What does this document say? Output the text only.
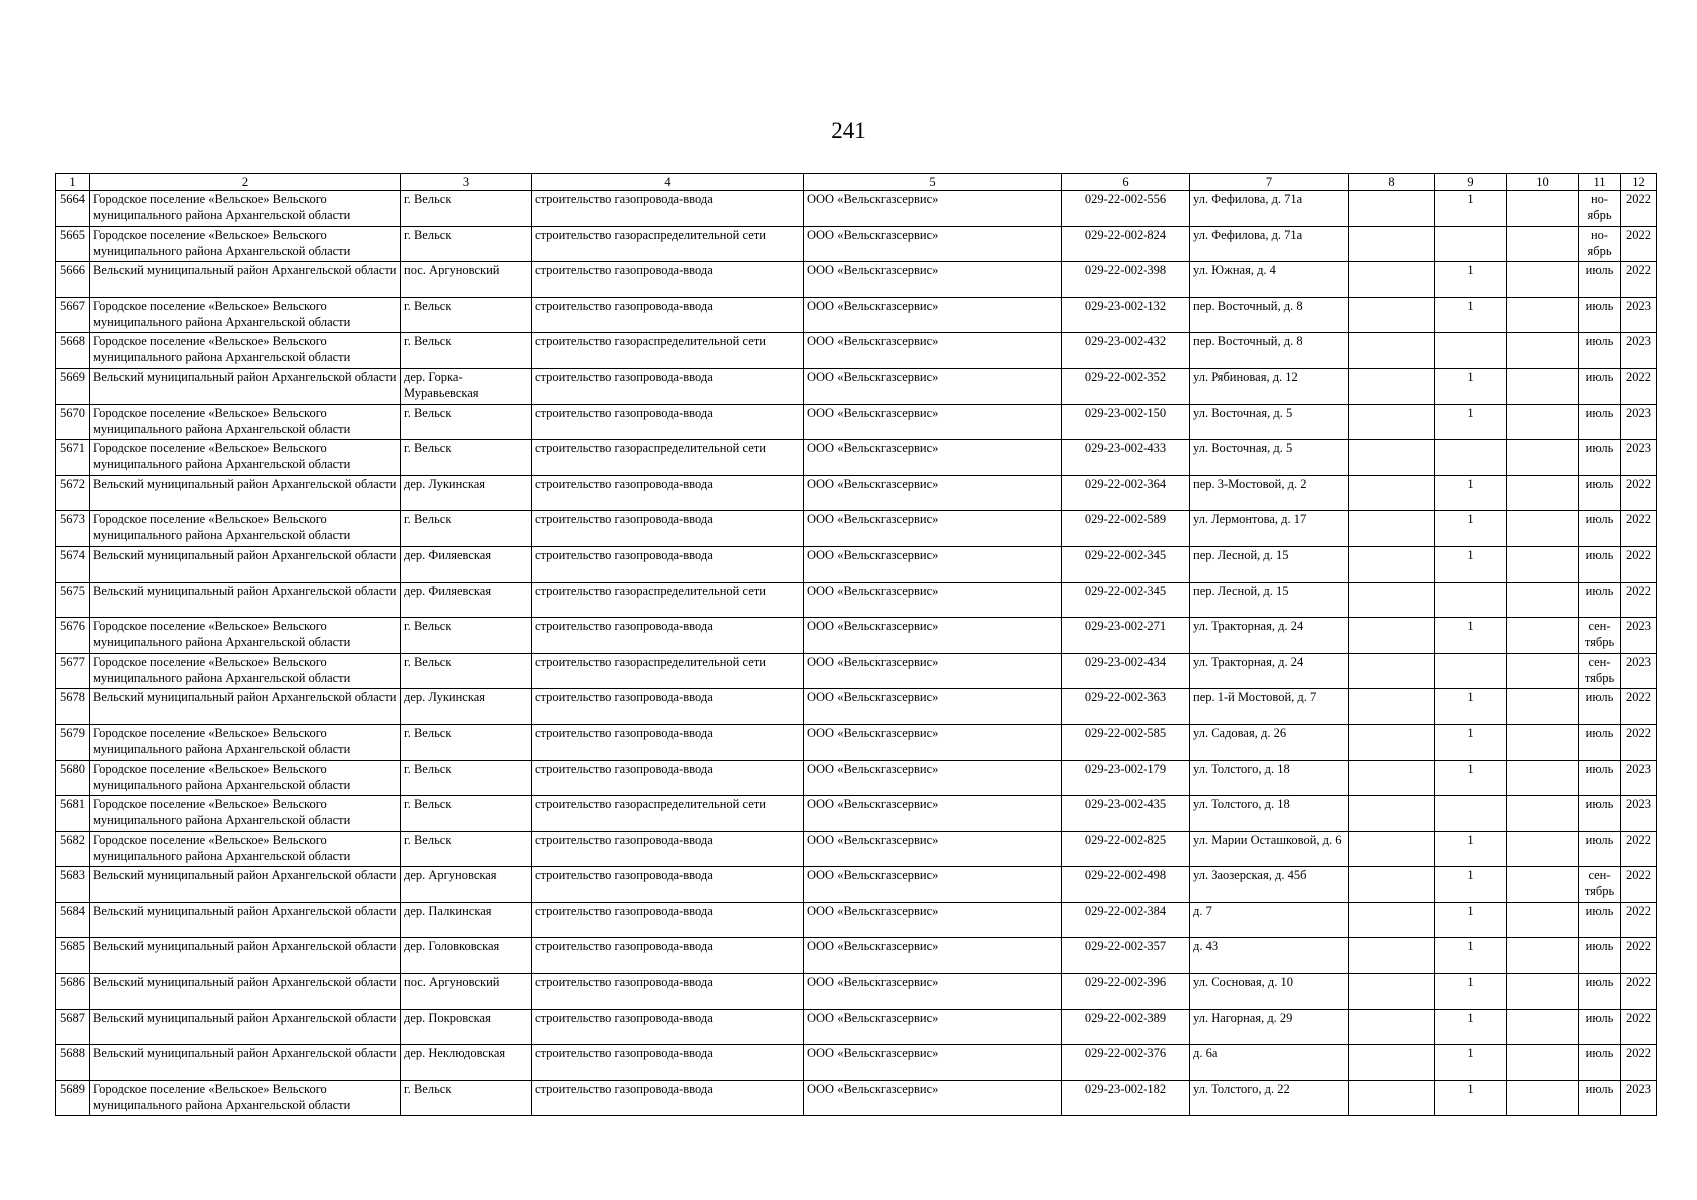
241
1	2	3	4	5	6	7	8	9	10	11	12
5664	Городское поселение «Вельское» Вельского муниципального района Архангельской области	г. Вельск	строительство газопровода-ввода	ООО «Вельскгазсервис»	029-22-002-556	ул. Фефилова, д. 71а		1		но-ябрь	2022
5665	Городское поселение «Вельское» Вельского муниципального района Архангельской области	г. Вельск	строительство газораспределительной сети	ООО «Вельскгазсервис»	029-22-002-824	ул. Фефилова, д. 71а				но-ябрь	2022
5666	Вельский муниципальный район Архангельской области	пос. Аргуновский	строительство газопровода-ввода	ООО «Вельскгазсервис»	029-22-002-398	ул. Южная, д. 4		1		июль	2022
5667	Городское поселение «Вельское» Вельского муниципального района Архангельской области	г. Вельск	строительство газопровода-ввода	ООО «Вельскгазсервис»	029-23-002-132	пер. Восточный, д. 8		1		июль	2023
5668	Городское поселение «Вельское» Вельского муниципального района Архангельской области	г. Вельск	строительство газораспределительной сети	ООО «Вельскгазсервис»	029-23-002-432	пер. Восточный, д. 8				июль	2023
5669	Вельский муниципальный район Архангельской области	дер. Горка-Муравьевская	строительство газопровода-ввода	ООО «Вельскгазсервис»	029-22-002-352	ул. Рябиновая, д. 12		1		июль	2022
5670	Городское поселение «Вельское» Вельского муниципального района Архангельской области	г. Вельск	строительство газопровода-ввода	ООО «Вельскгазсервис»	029-23-002-150	ул. Восточная, д. 5		1		июль	2023
5671	Городское поселение «Вельское» Вельского муниципального района Архангельской области	г. Вельск	строительство газораспределительной сети	ООО «Вельскгазсервис»	029-23-002-433	ул. Восточная, д. 5				июль	2023
5672	Вельский муниципальный район Архангельской области	дер. Лукинская	строительство газопровода-ввода	ООО «Вельскгазсервис»	029-22-002-364	пер. 3-Мостовой, д. 2		1		июль	2022
5673	Городское поселение «Вельское» Вельского муниципального района Архангельской области	г. Вельск	строительство газопровода-ввода	ООО «Вельскгазсервис»	029-22-002-589	ул. Лермонтова, д. 17		1		июль	2022
5674	Вельский муниципальный район Архангельской области	дер. Филяевская	строительство газопровода-ввода	ООО «Вельскгазсервис»	029-22-002-345	пер. Лесной, д. 15		1		июль	2022
5675	Вельский муниципальный район Архангельской области	дер. Филяевская	строительство газораспределительной сети	ООО «Вельскгазсервис»	029-22-002-345	пер. Лесной, д. 15				июль	2022
5676	Городское поселение «Вельское» Вельского муниципального района Архангельской области	г. Вельск	строительство газопровода-ввода	ООО «Вельскгазсервис»	029-23-002-271	ул. Тракторная, д. 24		1		сен-тябрь	2023
5677	Городское поселение «Вельское» Вельского муниципального района Архангельской области	г. Вельск	строительство газораспределительной сети	ООО «Вельскгазсервис»	029-23-002-434	ул. Тракторная, д. 24				сен-тябрь	2023
5678	Вельский муниципальный район Архангельской области	дер. Лукинская	строительство газопровода-ввода	ООО «Вельскгазсервис»	029-22-002-363	пер. 1-й Мостовой, д. 7		1		июль	2022
5679	Городское поселение «Вельское» Вельского муниципального района Архангельской области	г. Вельск	строительство газопровода-ввода	ООО «Вельскгазсервис»	029-22-002-585	ул. Садовая, д. 26		1		июль	2022
5680	Городское поселение «Вельское» Вельского муниципального района Архангельской области	г. Вельск	строительство газопровода-ввода	ООО «Вельскгазсервис»	029-23-002-179	ул. Толстого, д. 18		1		июль	2023
5681	Городское поселение «Вельское» Вельского муниципального района Архангельской области	г. Вельск	строительство газораспределительной сети	ООО «Вельскгазсервис»	029-23-002-435	ул. Толстого, д. 18				июль	2023
5682	Городское поселение «Вельское» Вельского муниципального района Архангельской области	г. Вельск	строительство газопровода-ввода	ООО «Вельскгазсервис»	029-22-002-825	ул. Марии Осташковой, д. 6		1		июль	2022
5683	Вельский муниципальный район Архангельской области	дер. Аргуновская	строительство газопровода-ввода	ООО «Вельскгазсервис»	029-22-002-498	ул. Заозерская, д. 45б		1		сен-тябрь	2022
5684	Вельский муниципальный район Архангельской области	дер. Палкинская	строительство газопровода-ввода	ООО «Вельскгазсервис»	029-22-002-384	д. 7		1		июль	2022
5685	Вельский муниципальный район Архангельской области	дер. Головковская	строительство газопровода-ввода	ООО «Вельскгазсервис»	029-22-002-357	д. 43		1		июль	2022
5686	Вельский муниципальный район Архангельской области	пос. Аргуновский	строительство газопровода-ввода	ООО «Вельскгазсервис»	029-22-002-396	ул. Сосновая, д. 10		1		июль	2022
5687	Вельский муниципальный район Архангельской области	дер. Покровская	строительство газопровода-ввода	ООО «Вельскгазсервис»	029-22-002-389	ул. Нагорная, д. 29		1		июль	2022
5688	Вельский муниципальный район Архангельской области	дер. Неклюдовская	строительство газопровода-ввода	ООО «Вельскгазсервис»	029-22-002-376	д. 6а		1		июль	2022
5689	Городское поселение «Вельское» Вельского муниципального района Архангельской области	г. Вельск	строительство газопровода-ввода	ООО «Вельскгазсервис»	029-23-002-182	ул. Толстого, д. 22		1		июль	2023
